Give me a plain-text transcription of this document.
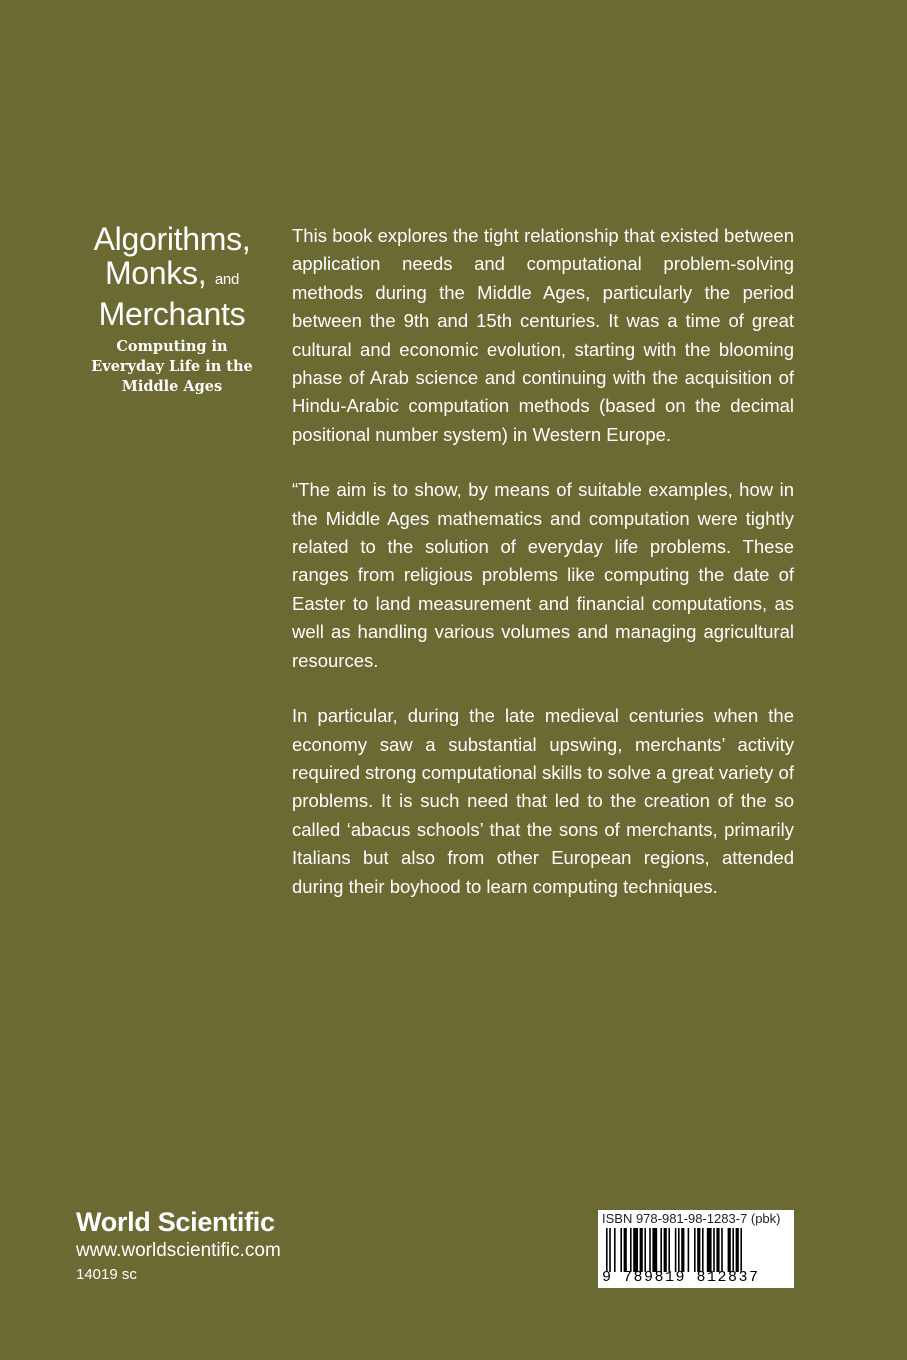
Algorithms,
Monks, and
Merchants
Computing in
Everyday Life in the
Middle Ages

This book explores the tight relationship that existed between application needs and computational problem-solving methods during the Middle Ages, particularly the period between the 9th and 15th centuries. It was a time of great cultural and economic evolution, starting with the blooming phase of Arab science and continuing with the acquisition of Hindu-Arabic computation methods (based on the decimal positional number system) in Western Europe.

“The aim is to show, by means of suitable examples, how in the Middle Ages mathematics and computation were tightly related to the solution of everyday life problems. These ranges from religious problems like computing the date of Easter to land measurement and financial computations, as well as handling various volumes and managing agricultural resources.

In particular, during the late medieval centuries when the economy saw a substantial upswing, merchants’ activity required strong computational skills to solve a great variety of problems. It is such need that led to the creation of the so called ‘abacus schools’ that the sons of merchants, primarily Italians but also from other European regions, attended during their boyhood to learn computing techniques.

World Scientific
www.worldscientific.com
14019 sc
ISBN 978-981-98-1283-7 (pbk)
9 789819 812837
